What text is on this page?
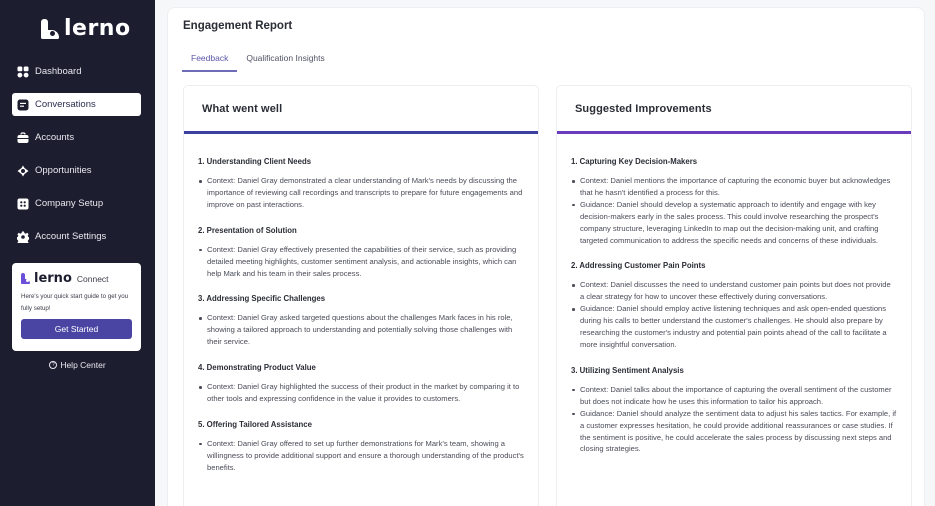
lerno
Dashboard
Conversations
Accounts
Opportunities
Company Setup
Account Settings
lerno Connect
Here's your quick start guide to get you fully setup!
Get Started
? Help Center
Engagement Report
Feedback	Qualification Insights
What went well
1. Understanding Client Needs
Context: Daniel Gray demonstrated a clear understanding of Mark's needs by discussing the importance of reviewing call recordings and transcripts to prepare for future engagements and improve on past interactions.
2. Presentation of Solution
Context: Daniel Gray effectively presented the capabilities of their service, such as providing detailed meeting highlights, customer sentiment analysis, and actionable insights, which can help Mark and his team in their sales process.
3. Addressing Specific Challenges
Context: Daniel Gray asked targeted questions about the challenges Mark faces in his role, showing a tailored approach to understanding and potentially solving those challenges with their service.
4. Demonstrating Product Value
Context: Daniel Gray highlighted the success of their product in the market by comparing it to other tools and expressing confidence in the value it provides to customers.
5. Offering Tailored Assistance
Context: Daniel Gray offered to set up further demonstrations for Mark's team, showing a willingness to provide additional support and ensure a thorough understanding of the product's benefits.
Suggested Improvements
1. Capturing Key Decision-Makers
Context: Daniel mentions the importance of capturing the economic buyer but acknowledges that he hasn't identified a process for this.
Guidance: Daniel should develop a systematic approach to identify and engage with key decision-makers early in the sales process. This could involve researching the prospect's company structure, leveraging LinkedIn to map out the decision-making unit, and crafting targeted communication to address the specific needs and concerns of these individuals.
2. Addressing Customer Pain Points
Context: Daniel discusses the need to understand customer pain points but does not provide a clear strategy for how to uncover these effectively during conversations.
Guidance: Daniel should employ active listening techniques and ask open-ended questions during his calls to better understand the customer's challenges. He should also prepare by researching the customer's industry and potential pain points ahead of the call to facilitate a more insightful conversation.
3. Utilizing Sentiment Analysis
Context: Daniel talks about the importance of capturing the overall sentiment of the customer but does not indicate how he uses this information to tailor his approach.
Guidance: Daniel should analyze the sentiment data to adjust his sales tactics. For example, if a customer expresses hesitation, he could provide additional reassurances or case studies. If the sentiment is positive, he could accelerate the sales process by discussing next steps and closing strategies.
